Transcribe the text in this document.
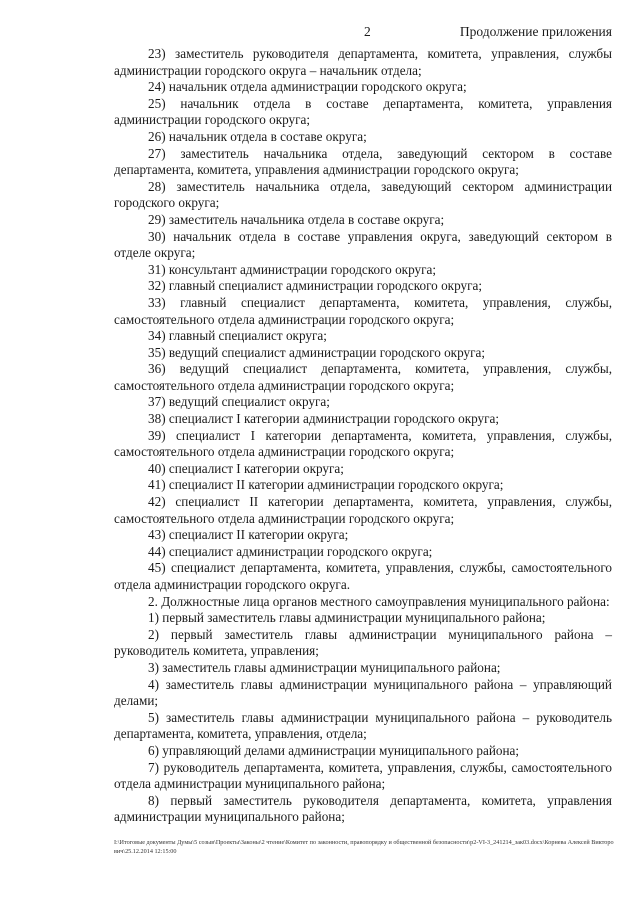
2	Продолжение приложения

23) заместитель руководителя департамента, комитета, управления, службы администрации городского округа – начальник отдела;

24) начальник отдела администрации городского округа;

25) начальник отдела в составе департамента, комитета, управления администрации городского округа;

26) начальник отдела в составе округа;

27) заместитель начальника отдела, заведующий сектором в составе департамента, комитета, управления администрации городского округа;

28) заместитель начальника отдела, заведующий сектором администрации городского округа;

29) заместитель начальника отдела в составе округа;

30) начальник отдела в составе управления округа, заведующий сектором в отделе округа;

31) консультант администрации городского округа;

32) главный специалист администрации городского округа;

33) главный специалист департамента, комитета, управления, службы, самостоятельного отдела администрации городского округа;

34) главный специалист округа;

35) ведущий специалист администрации городского округа;

36) ведущий специалист департамента, комитета, управления, службы, самостоятельного отдела администрации городского округа;

37) ведущий специалист округа;

38) специалист I категории администрации городского округа;

39) специалист I категории департамента, комитета, управления, службы, самостоятельного отдела администрации городского округа;

40) специалист I категории округа;

41) специалист II категории администрации городского округа;

42) специалист II категории департамента, комитета, управления, службы, самостоятельного отдела администрации городского округа;

43) специалист II категории округа;

44) специалист администрации городского округа;

45) специалист департамента, комитета, управления, службы, самостоятельного отдела администрации городского округа.

2. Должностные лица органов местного самоуправления муниципального района:

1) первый заместитель главы администрации муниципального района;

2) первый заместитель главы администрации муниципального района – руководитель комитета, управления;

3) заместитель главы администрации муниципального района;

4) заместитель главы администрации муниципального района – управляющий делами;

5) заместитель главы администрации муниципального района – руководитель департамента, комитета, управления, отдела;

6) управляющий делами администрации муниципального района;

7) руководитель департамента, комитета, управления, службы, самостоятельного отдела администрации муниципального района;

8) первый заместитель руководителя департамента, комитета, управления администрации муниципального района;

I:\Итоговые документы Думы\5 созыв\Проекты\Законы\2 чтение\Комитет по законности, правопорядку и общественной безопасности\р2-VI-3_241214_зак03.docx\Корнева Алексей Викторович\25.12.2014 12:15:00
